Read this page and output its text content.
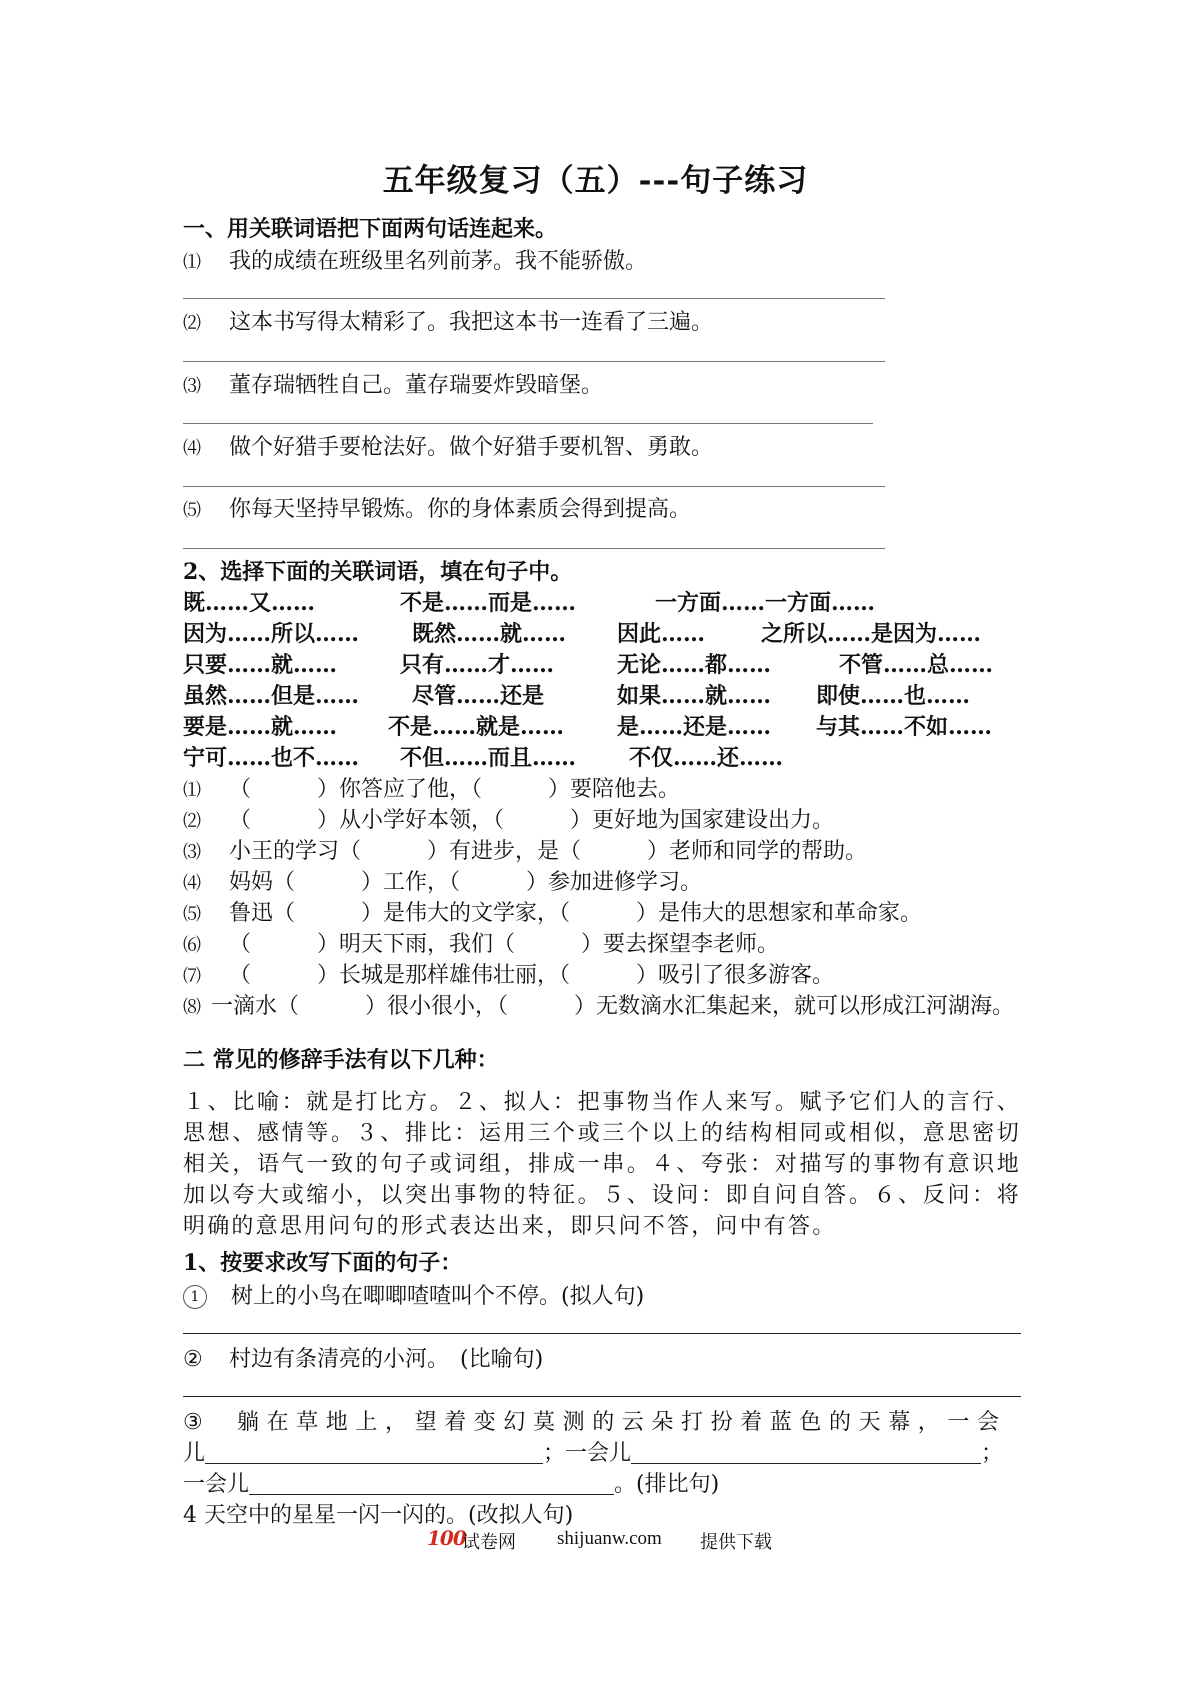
五年级复习（五）---句子练习
一、用关联词语把下面两句话连起来。
⑴ 我的成绩在班级里名列前茅。我不能骄傲。
⑵ 这本书写得太精彩了。我把这本书一连看了三遍。
⑶ 董存瑞牺牲自己。董存瑞要炸毁暗堡。
⑷ 做个好猎手要枪法好。做个好猎手要机智、勇敢。
⑸ 你每天坚持早锻炼。你的身体素质会得到提高。
2、选择下面的关联词语，填在句子中。
既……又……	不是……而是……	一方面……一方面……
因为……所以…… 既然……就…… 因此……	之所以……是因为……
只要……就……	只有……才……	无论……都……	不管……总……
虽然……但是…… 尽管……还是	如果……就…… 即使……也……
要是……就…… 不是……就是…… 是……还是…… 与其……不如……
宁可……也不…… 不但……而且…… 不仅……还……
⑴ （　　　）你答应了他，（　　　）要陪他去。
⑵ （　　　）从小学好本领，（　　　）更好地为国家建设出力。
⑶ 小王的学习（　　　）有进步，是（　　　）老师和同学的帮助。
⑷ 妈妈（　　　）工作，（　　　）参加进修学习。
⑸ 鲁迅（　　　）是伟大的文学家，（　　　）是伟大的思想家和革命家。
⑹ （　　　）明天下雨，我们（　　　）要去探望李老师。
⑺ （　　　）长城是那样雄伟壮丽，（　　　）吸引了很多游客。
⑻ 一滴水（　　　）很小很小，（　　　）无数滴水汇集起来，就可以形成江河湖海。
二 常见的修辞手法有以下几种：
１、比喻：就是打比方。２、拟人：把事物当作人来写。赋予它们人的言行、思想、感情等。３、排比：运用三个或三个以上的结构相同或相似，意思密切相关，语气一致的句子或词组，排成一串。４、夸张：对描写的事物有意识地加以夸大或缩小，以突出事物的特征。５、设问：即自问自答。６、反问：将明确的意思用问句的形式表达出来，即只问不答，问中有答。
1、按要求改写下面的句子：
1 树上的小鸟在唧唧喳喳叫个不停。(拟人句)
② 村边有条清亮的小河。　(比喻句)
③ 躺在草地上，望着变幻莫测的云朵打扮着蓝色的天幕，一会
儿	；一会儿	；
一会儿	。(排比句)
4 天空中的星星一闪一闪的。(改拟人句)
100
试卷网 shijuanw.com 提供下载
